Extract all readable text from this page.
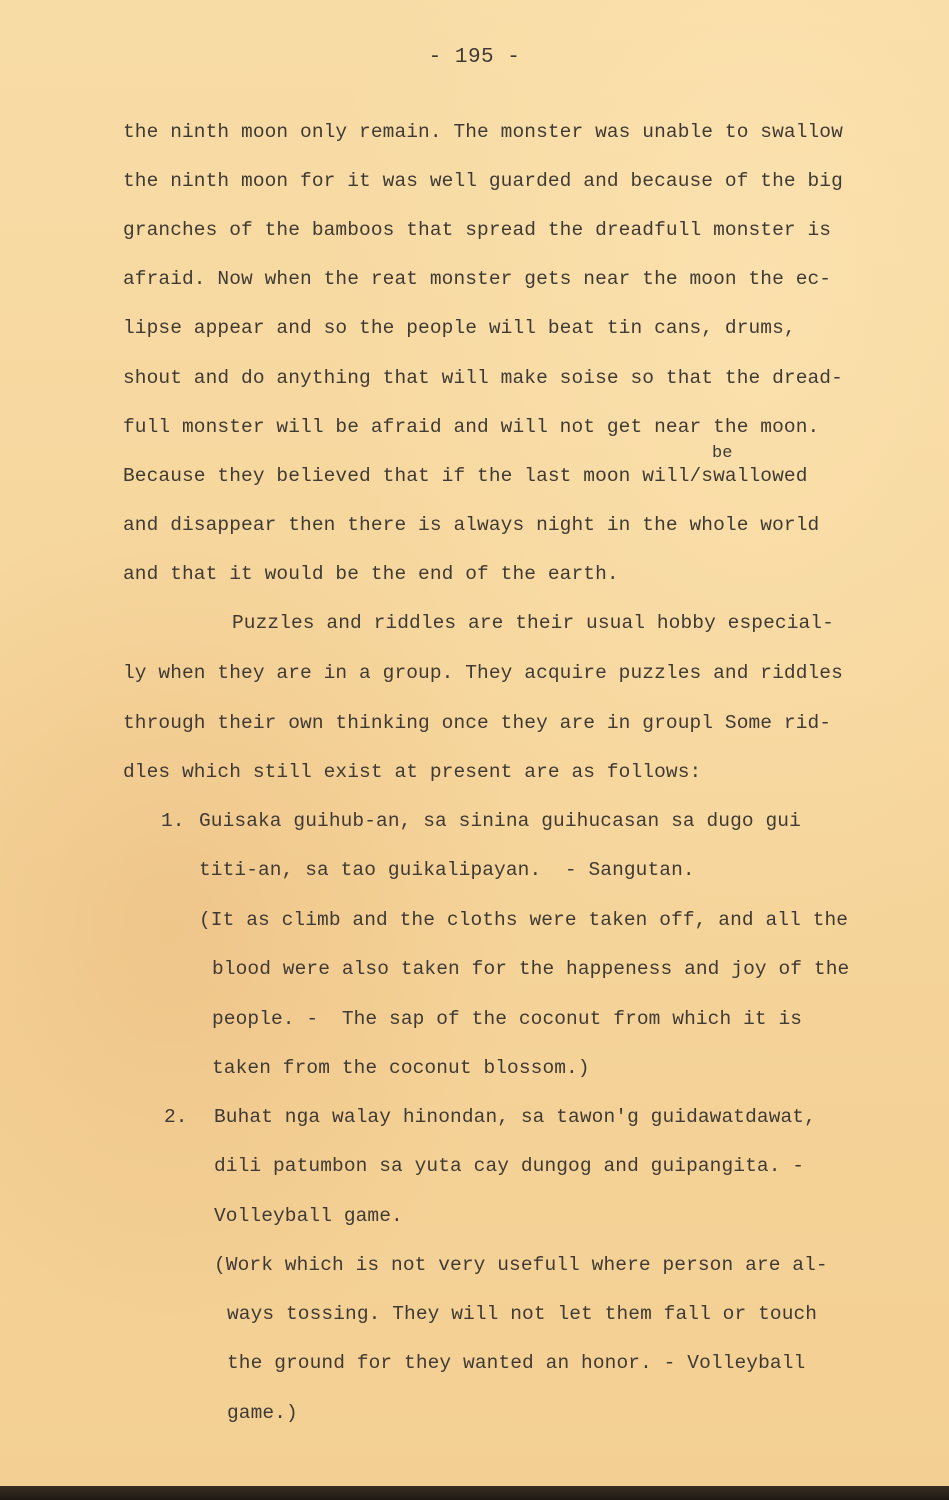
- 195 -
the ninth moon only remain. The monster was unable to swallow
the ninth moon for it was well guarded and because of the big
granches of the bamboos that spread the dreadfull monster is
afraid. Now when the reat monster gets near the moon the ec-
lipse appear and so the people will beat tin cans, drums,
shout and do anything that will make soise so that the dread-
full monster will be afraid and will not get near the moon.
be
Because they believed that if the last moon will/swallowed
and disappear then there is always night in the whole world
and that it would be the end of the earth.
Puzzles and riddles are their usual hobby especial-
ly when they are in a group. They acquire puzzles and riddles
through their own thinking once they are in groupl Some rid-
dles which still exist at present are as follows:
1. Guisaka guihub-an, sa sinina guihucasan sa dugo gui
titi-an, sa tao guikalipayan.  - Sangutan.
(It as climb and the cloths were taken off, and all the
blood were also taken for the happeness and joy of the
people. -  The sap of the coconut from which it is
taken from the coconut blossom.)
2. Buhat nga walay hinondan, sa tawon'g guidawatdawat,
dili patumbon sa yuta cay dungog and guipangita. -
Volleyball game.
(Work which is not very usefull where person are al-
ways tossing. They will not let them fall or touch
the ground for they wanted an honor. - Volleyball
game.)
